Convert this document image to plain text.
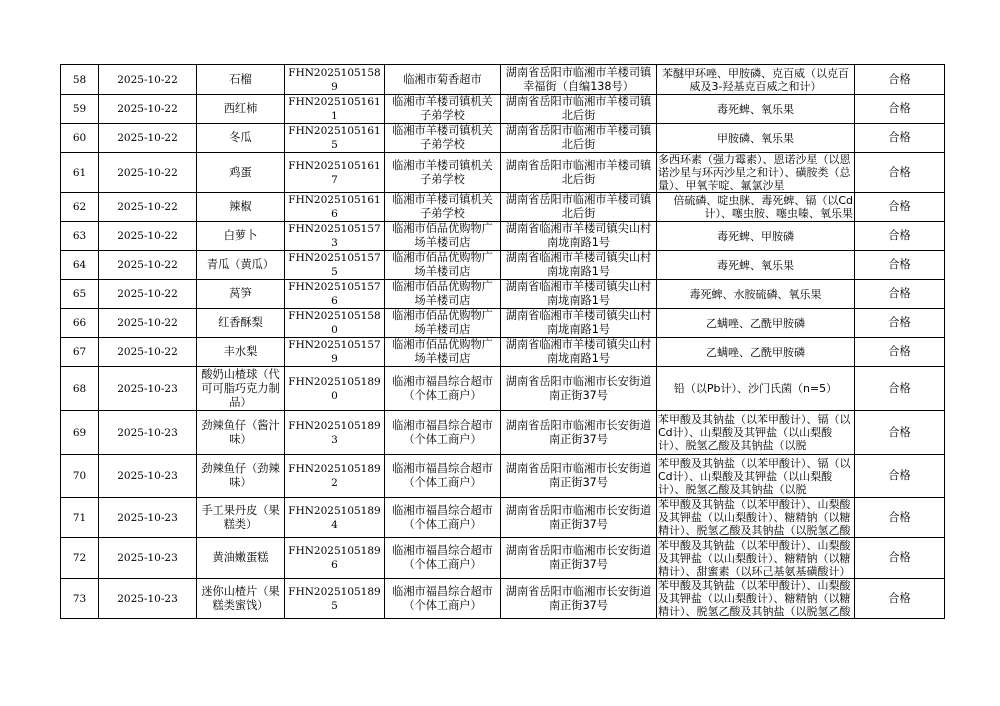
58	2025-10-22	石榴	FHN20251051589	临湘市菊香超市	湖南省岳阳市临湘市羊楼司镇幸福街（自编138号）	苯醚甲环唑、甲胺磷、克百威（以克百威及3-羟基克百威之和计）	合格
59	2025-10-22	西红柿	FHN20251051611	临湘市羊楼司镇机关子弟学校	湖南省岳阳市临湘市羊楼司镇北后街	毒死蜱、氧乐果	合格
60	2025-10-22	冬瓜	FHN20251051615	临湘市羊楼司镇机关子弟学校	湖南省岳阳市临湘市羊楼司镇北后街	甲胺磷、氧乐果	合格
61	2025-10-22	鸡蛋	FHN20251051617	临湘市羊楼司镇机关子弟学校	湖南省岳阳市临湘市羊楼司镇北后街	多西环素（强力霉素）、恩诺沙星（以恩诺沙星与环丙沙星之和计）、磺胺类（总量）、甲氧苄啶、氟氯沙星	合格
62	2025-10-22	辣椒	FHN20251051616	临湘市羊楼司镇机关子弟学校	湖南省岳阳市临湘市羊楼司镇北后街	倍硫磷、啶虫脒、毒死蜱、镉（以Cd计）、噻虫胺、噻虫嗪、氧乐果	合格
63	2025-10-22	白萝卜	FHN20251051573	临湘市佰品优购物广场羊楼司店	湖南省临湘市羊楼司镇尖山村南垅南路1号	毒死蜱、甲胺磷	合格
64	2025-10-22	青瓜（黄瓜）	FHN20251051575	临湘市佰品优购物广场羊楼司店	湖南省临湘市羊楼司镇尖山村南垅南路1号	毒死蜱、氧乐果	合格
65	2025-10-22	莴笋	FHN20251051576	临湘市佰品优购物广场羊楼司店	湖南省临湘市羊楼司镇尖山村南垅南路1号	毒死蜱、水胺硫磷、氧乐果	合格
66	2025-10-22	红香酥梨	FHN20251051580	临湘市佰品优购物广场羊楼司店	湖南省临湘市羊楼司镇尖山村南垅南路1号	乙螨唑、乙酰甲胺磷	合格
67	2025-10-22	丰水梨	FHN20251051579	临湘市佰品优购物广场羊楼司店	湖南省临湘市羊楼司镇尖山村南垅南路1号	乙螨唑、乙酰甲胺磷	合格
68	2025-10-23	酸奶山楂球（代可可脂巧克力制品）	FHN20251051890	临湘市福昌综合超市（个体工商户）	湖南省岳阳市临湘市长安街道南正街37号	铅（以Pb计）、沙门氏菌（n=5）	合格
69	2025-10-23	劲辣鱼仔（酱汁味）	FHN20251051893	临湘市福昌综合超市（个体工商户）	湖南省岳阳市临湘市长安街道南正街37号	苯甲酸及其钠盐（以苯甲酸计）、镉（以Cd计）、山梨酸及其钾盐（以山梨酸计）、脱氢乙酸及其钠盐（以脱	合格
70	2025-10-23	劲辣鱼仔（劲辣味）	FHN20251051892	临湘市福昌综合超市（个体工商户）	湖南省岳阳市临湘市长安街道南正街37号	苯甲酸及其钠盐（以苯甲酸计）、镉（以Cd计）、山梨酸及其钾盐（以山梨酸计）、脱氢乙酸及其钠盐（以脱	合格
71	2025-10-23	手工果丹皮（果糕类）	FHN20251051894	临湘市福昌综合超市（个体工商户）	湖南省岳阳市临湘市长安街道南正街37号	苯甲酸及其钠盐（以苯甲酸计）、山梨酸及其钾盐（以山梨酸计）、糖精钠（以糖精计）、脱氢乙酸及其钠盐（以脱氢乙酸	合格
72	2025-10-23	黄油嫩蛋糕	FHN20251051896	临湘市福昌综合超市（个体工商户）	湖南省岳阳市临湘市长安街道南正街37号	苯甲酸及其钠盐（以苯甲酸计）、山梨酸及其钾盐（以山梨酸计）、糖精钠（以糖精计）、甜蜜素（以环己基氨基磺酸计）	合格
73	2025-10-23	迷你山楂片（果糕类蜜饯）	FHN20251051895	临湘市福昌综合超市（个体工商户）	湖南省岳阳市临湘市长安街道南正街37号	苯甲酸及其钠盐（以苯甲酸计）、山梨酸及其钾盐（以山梨酸计）、糖精钠（以糖精计）、脱氢乙酸及其钠盐（以脱氢乙酸	合格
